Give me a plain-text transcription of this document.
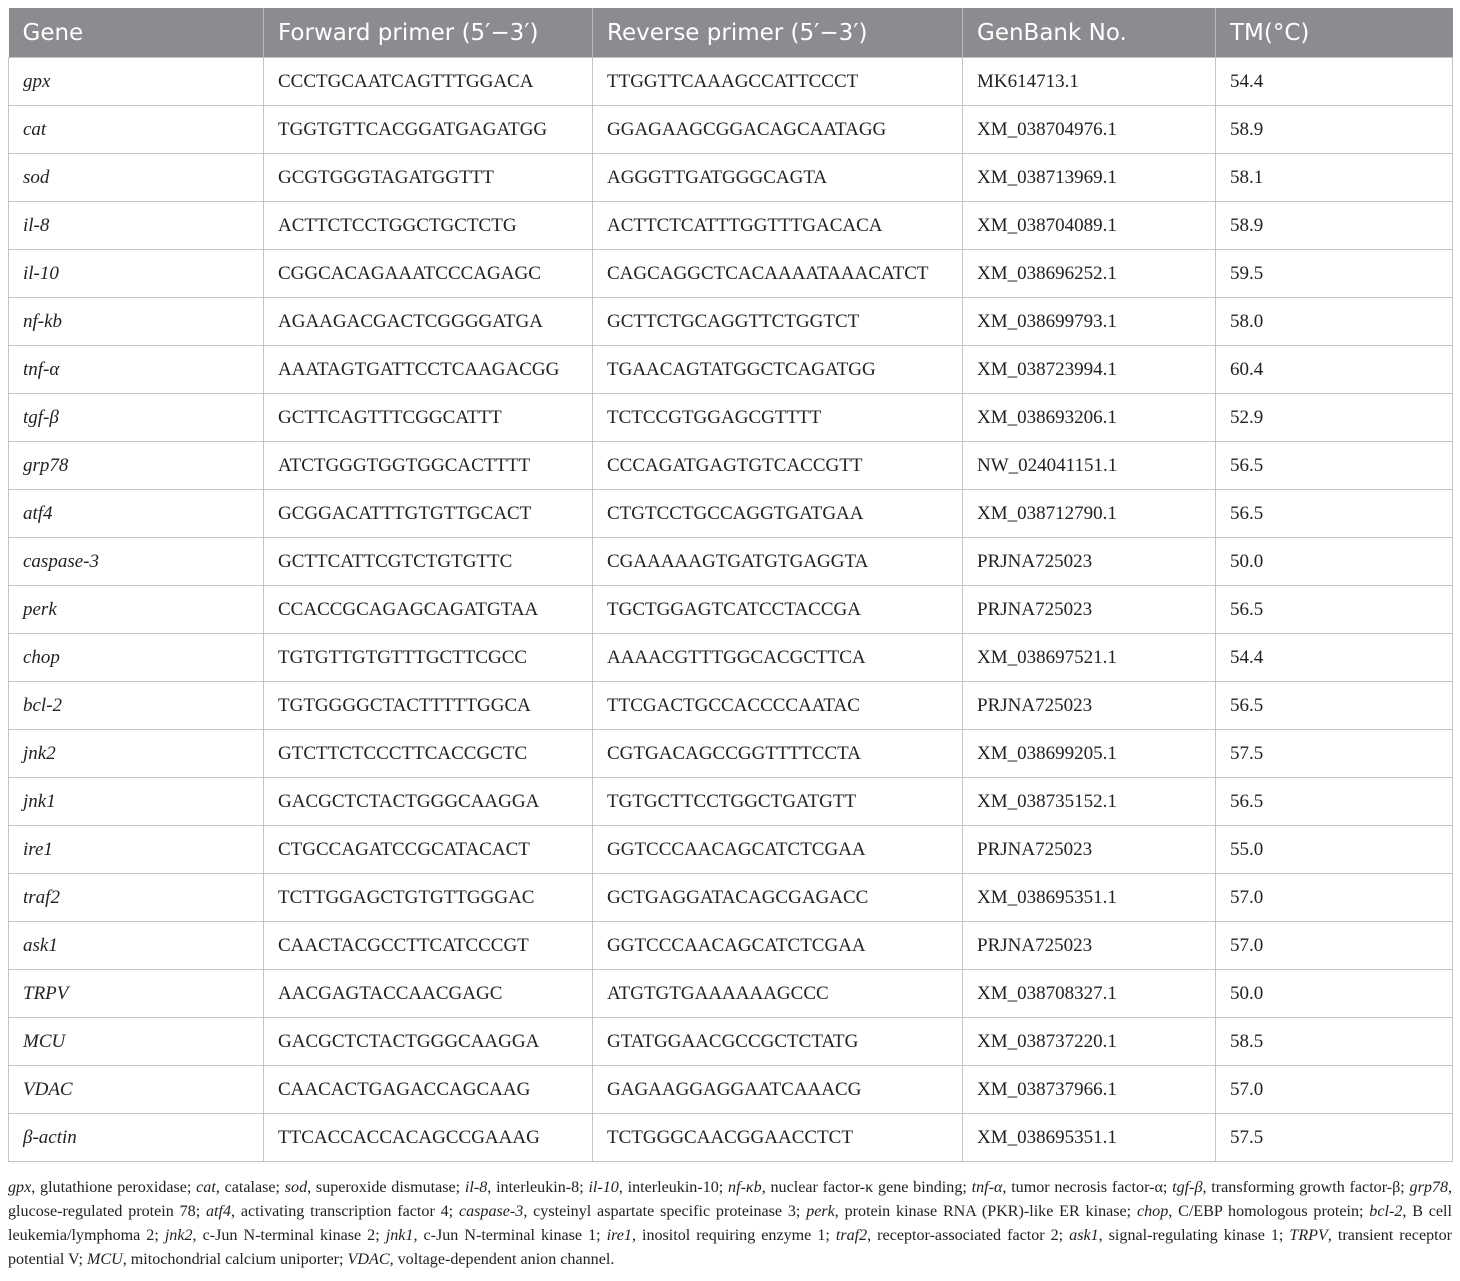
Gene	Forward primer (5′−3′)	Reverse primer (5′−3′)	GenBank No.	TM(°C)
gpx	CCCTGCAATCAGTTTGGACA	TTGGTTCAAAGCCATTCCCT	MK614713.1	54.4
cat	TGGTGTTCACGGATGAGATGG	GGAGAAGCGGACAGCAATAGG	XM_038704976.1	58.9
sod	GCGTGGGTAGATGGTTT	AGGGTTGATGGGCAGTA	XM_038713969.1	58.1
il-8	ACTTCTCCTGGCTGCTCTG	ACTTCTCATTTGGTTTGACACA	XM_038704089.1	58.9
il-10	CGGCACAGAAATCCCAGAGC	CAGCAGGCTCACAAAATAAACATCT	XM_038696252.1	59.5
nf-kb	AGAAGACGACTCGGGGATGA	GCTTCTGCAGGTTCTGGTCT	XM_038699793.1	58.0
tnf-α	AAATAGTGATTCCTCAAGACGG	TGAACAGTATGGCTCAGATGG	XM_038723994.1	60.4
tgf-β	GCTTCAGTTTCGGCATTT	TCTCCGTGGAGCGTTTT	XM_038693206.1	52.9
grp78	ATCTGGGTGGTGGCACTTTT	CCCAGATGAGTGTCACCGTT	NW_024041151.1	56.5
atf4	GCGGACATTTGTGTTGCACT	CTGTCCTGCCAGGTGATGAA	XM_038712790.1	56.5
caspase-3	GCTTCATTCGTCTGTGTTC	CGAAAAAGTGATGTGAGGTA	PRJNA725023	50.0
perk	CCACCGCAGAGCAGATGTAA	TGCTGGAGTCATCCTACCGA	PRJNA725023	56.5
chop	TGTGTTGTGTTTGCTTCGCC	AAAACGTTTGGCACGCTTCA	XM_038697521.1	54.4
bcl-2	TGTGGGGCTACTTTTTGGCA	TTCGACTGCCACCCCAATAC	PRJNA725023	56.5
jnk2	GTCTTCTCCCTTCACCGCTC	CGTGACAGCCGGTTTTCCTA	XM_038699205.1	57.5
jnk1	GACGCTCTACTGGGCAAGGA	TGTGCTTCCTGGCTGATGTT	XM_038735152.1	56.5
ire1	CTGCCAGATCCGCATACACT	GGTCCCAACAGCATCTCGAA	PRJNA725023	55.0
traf2	TCTTGGAGCTGTGTTGGGAC	GCTGAGGATACAGCGAGACC	XM_038695351.1	57.0
ask1	CAACTACGCCTTCATCCCGT	GGTCCCAACAGCATCTCGAA	PRJNA725023	57.0
TRPV	AACGAGTACCAACGAGC	ATGTGTGAAAAAAGCCC	XM_038708327.1	50.0
MCU	GACGCTCTACTGGGCAAGGA	GTATGGAACGCCGCTCTATG	XM_038737220.1	58.5
VDAC	CAACACTGAGACCAGCAAG	GAGAAGGAGGAATCAAACG	XM_038737966.1	57.0
β-actin	TTCACCACCACAGCCGAAAG	TCTGGGCAACGGAACCTCT	XM_038695351.1	57.5
gpx, glutathione peroxidase; cat, catalase; sod, superoxide dismutase; il-8, interleukin-8; il-10, interleukin-10; nf-κb, nuclear factor-κ gene binding; tnf-α, tumor necrosis factor-α; tgf-β, transforming growth factor-β; grp78, glucose-regulated protein 78; atf4, activating transcription factor 4; caspase-3, cysteinyl aspartate specific proteinase 3; perk, protein kinase RNA (PKR)-like ER kinase; chop, C/EBP homologous protein; bcl-2, B cell leukemia/lymphoma 2; jnk2, c-Jun N-terminal kinase 2; jnk1, c-Jun N-terminal kinase 1; ire1, inositol requiring enzyme 1; traf2, receptor-associated factor 2; ask1, signal-regulating kinase 1; TRPV, transient receptor potential V; MCU, mitochondrial calcium uniporter; VDAC, voltage-dependent anion channel.
